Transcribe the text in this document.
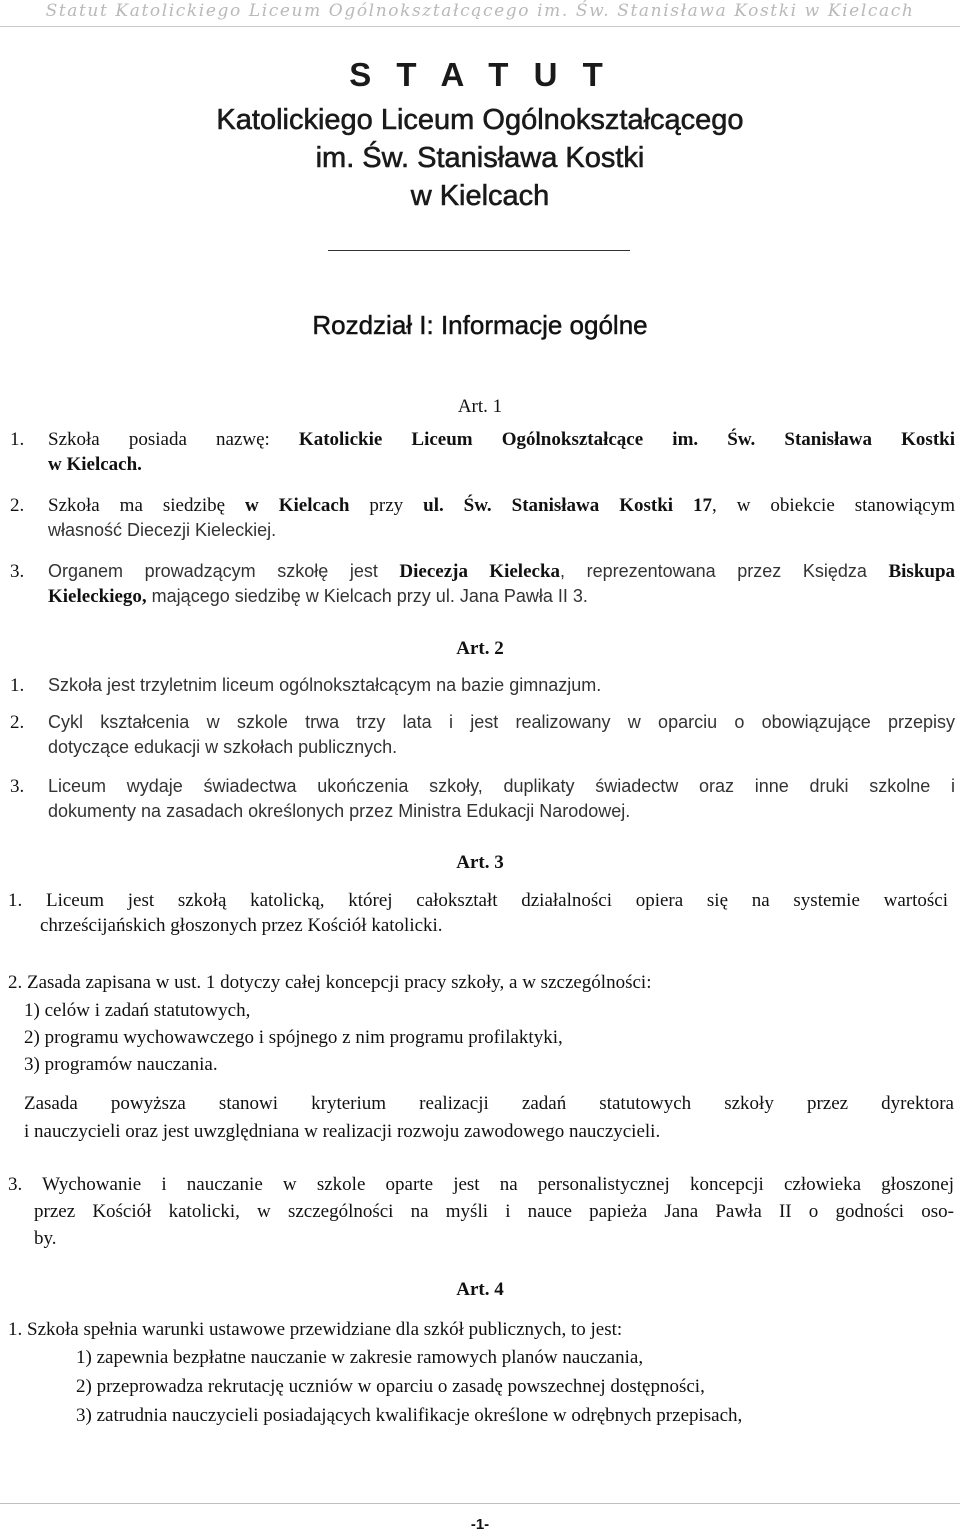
Statut Katolickiego Liceum Ogólnokształcącego im. Św. Stanisława Kostki w Kielcach
S T A T U T
Katolickiego Liceum Ogólnokształcącego
im. Św. Stanisława Kostki
w Kielcach
Rozdział I: Informacje ogólne
Art. 1
1.	Szkoła posiada nazwę: Katolickie Liceum Ogólnokształcące im. Św. Stanisława Kostki
w Kielcach.
2.	Szkoła ma siedzibę w Kielcach przy ul. Św. Stanisława Kostki 17, w obiekcie stanowiącym
własność Diecezji Kieleckiej.
3.	Organem prowadzącym szkołę jest Diecezja Kielecka, reprezentowana przez Księdza Biskupa
Kieleckiego, mającego siedzibę w Kielcach przy ul. Jana Pawła II 3.
Art. 2
1.	Szkoła jest trzyletnim liceum ogólnokształcącym na bazie gimnazjum.
2.	Cykl kształcenia w szkole trwa trzy lata i jest realizowany w oparciu o obowiązujące przepisy
dotyczące edukacji w szkołach publicznych.
3.	Liceum wydaje świadectwa ukończenia szkoły, duplikaty świadectw oraz inne druki szkolne i
dokumenty na zasadach określonych przez Ministra Edukacji Narodowej.
Art. 3
1. Liceum jest szkołą katolicką, której całokształt działalności opiera się na systemie wartości
chrześcijańskich głoszonych przez Kościół katolicki.
2. Zasada zapisana w ust. 1 dotyczy całej koncepcji pracy szkoły, a w szczególności:
1) celów i zadań statutowych,
2) programu wychowawczego i spójnego z nim programu profilaktyki,
3) programów nauczania.
Zasada powyższa stanowi kryterium realizacji zadań statutowych szkoły przez dyrektora
i nauczycieli oraz jest uwzględniana w realizacji rozwoju zawodowego nauczycieli.
3. Wychowanie i nauczanie w szkole oparte jest na personalistycznej koncepcji człowieka głoszonej
przez Kościół katolicki, w szczególności na myśli i nauce papieża Jana Pawła II o godności oso-
by.
Art. 4
1. Szkoła spełnia warunki ustawowe przewidziane dla szkół publicznych, to jest:
1) zapewnia bezpłatne nauczanie w zakresie ramowych planów nauczania,
2) przeprowadza rekrutację uczniów w oparciu o zasadę powszechnej dostępności,
3) zatrudnia nauczycieli posiadających kwalifikacje określone w odrębnych przepisach,
-1-
